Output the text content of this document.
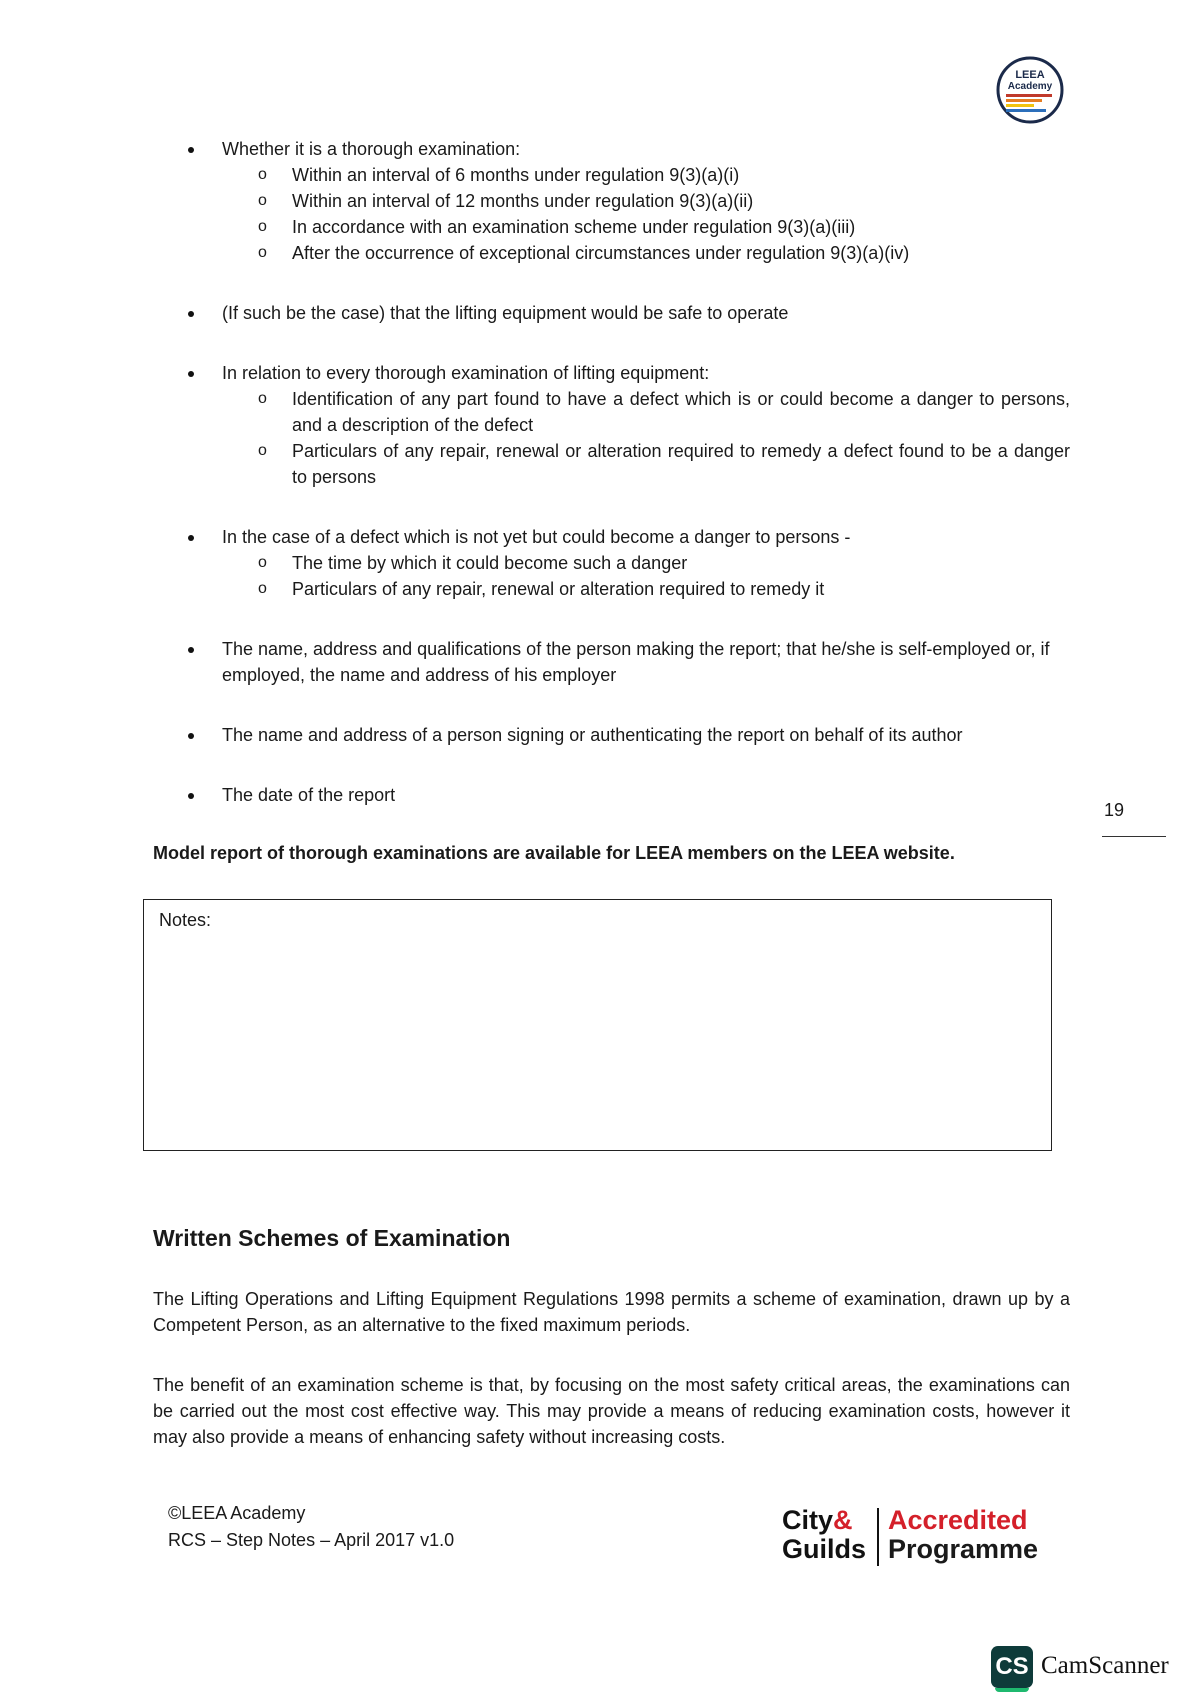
LEEA
Academy
Whether it is a thorough examination:
o Within an interval of 6 months under regulation 9(3)(a)(i)
o Within an interval of 12 months under regulation 9(3)(a)(ii)
o In accordance with an examination scheme under regulation 9(3)(a)(iii)
o After the occurrence of exceptional circumstances under regulation 9(3)(a)(iv)
(If such be the case) that the lifting equipment would be safe to operate
In relation to every thorough examination of lifting equipment:
o Identification of any part found to have a defect which is or could become a danger to persons, and a description of the defect
o Particulars of any repair, renewal or alteration required to remedy a defect found to be a danger to persons
In the case of a defect which is not yet but could become a danger to persons -
o The time by which it could become such a danger
o Particulars of any repair, renewal or alteration required to remedy it
The name, address and qualifications of the person making the report; that he/she is self-employed or, if employed, the name and address of his employer
The name and address of a person signing or authenticating the report on behalf of its author
The date of the report
19
Model report of thorough examinations are available for LEEA members on the LEEA website.
Notes:
Written Schemes of Examination
The Lifting Operations and Lifting Equipment Regulations 1998 permits a scheme of examination, drawn up by a Competent Person, as an alternative to the fixed maximum periods.
The benefit of an examination scheme is that, by focusing on the most safety critical areas, the examinations can be carried out the most cost effective way. This may provide a means of reducing examination costs, however it may also provide a means of enhancing safety without increasing costs.
©LEEA Academy
RCS – Step Notes – April 2017 v1.0
City&
Guilds
Accredited
Programme
CS CamScanner
